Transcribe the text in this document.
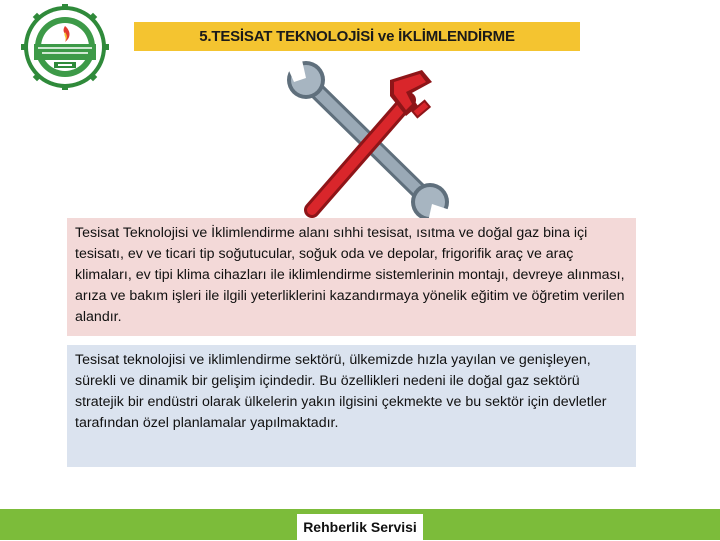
5.TESİSAT TEKNOLOJİSİ ve İKLİMLENDİRME
Tesisat Teknolojisi ve İklimlendirme alanı sıhhi tesisat, ısıtma ve doğal gaz bina içi tesisatı, ev ve ticari tip soğutucular, soğuk oda ve depolar, frigorifik araç ve araç klimaları, ev tipi klima cihazları ile iklimlendirme sistemlerinin montajı, devreye alınması, arıza ve bakım işleri ile ilgili yeterliklerini kazandırmaya yönelik eğitim ve öğretim verilen alandır.
Tesisat teknolojisi ve iklimlendirme sektörü, ülkemizde hızla yayılan ve genişleyen, sürekli ve dinamik bir gelişim içindedir. Bu özellikleri nedeni ile doğal gaz sektörü stratejik bir endüstri olarak ülkelerin yakın ilgisini çekmekte ve bu sektör için devletler tarafından özel planlamalar yapılmaktadır.
Rehberlik Servisi
